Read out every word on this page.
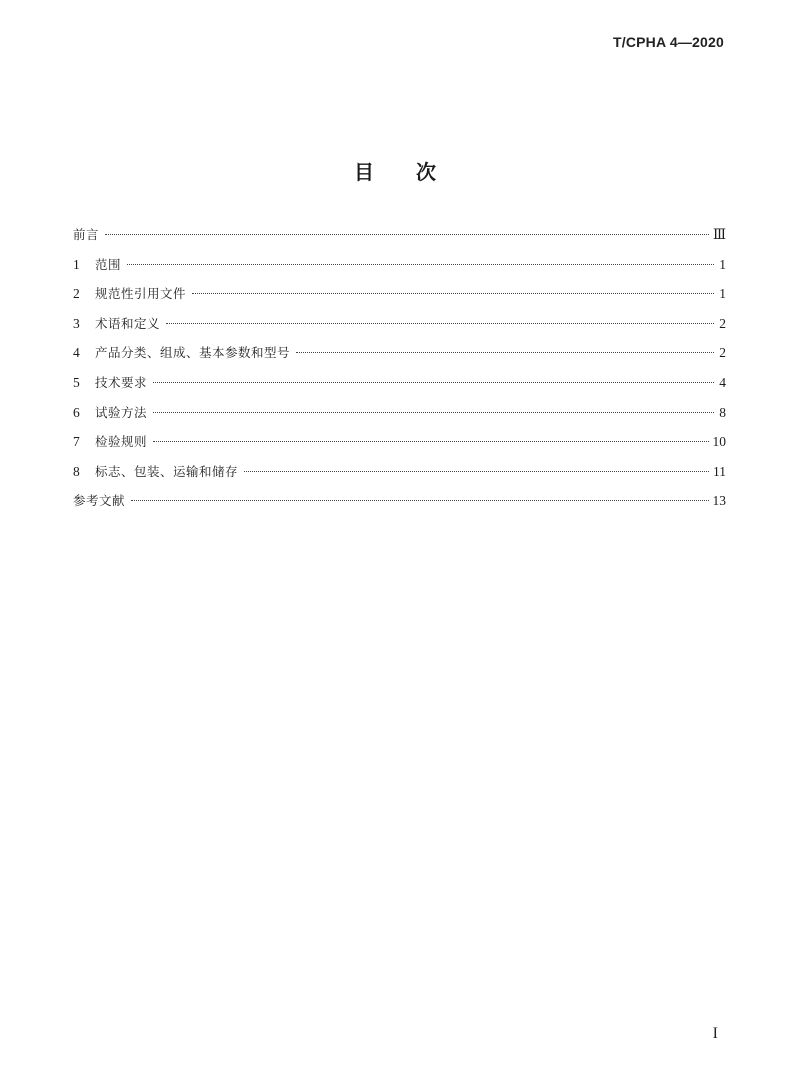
T/CPHA 4—2020
目 次
前言	Ⅲ
1	范围	1
2	规范性引用文件	1
3	术语和定义	2
4	产品分类、组成、基本参数和型号	2
5	技术要求	4
6	试验方法	8
7	检验规则	10
8	标志、包装、运输和储存	11
参考文献	13
I
